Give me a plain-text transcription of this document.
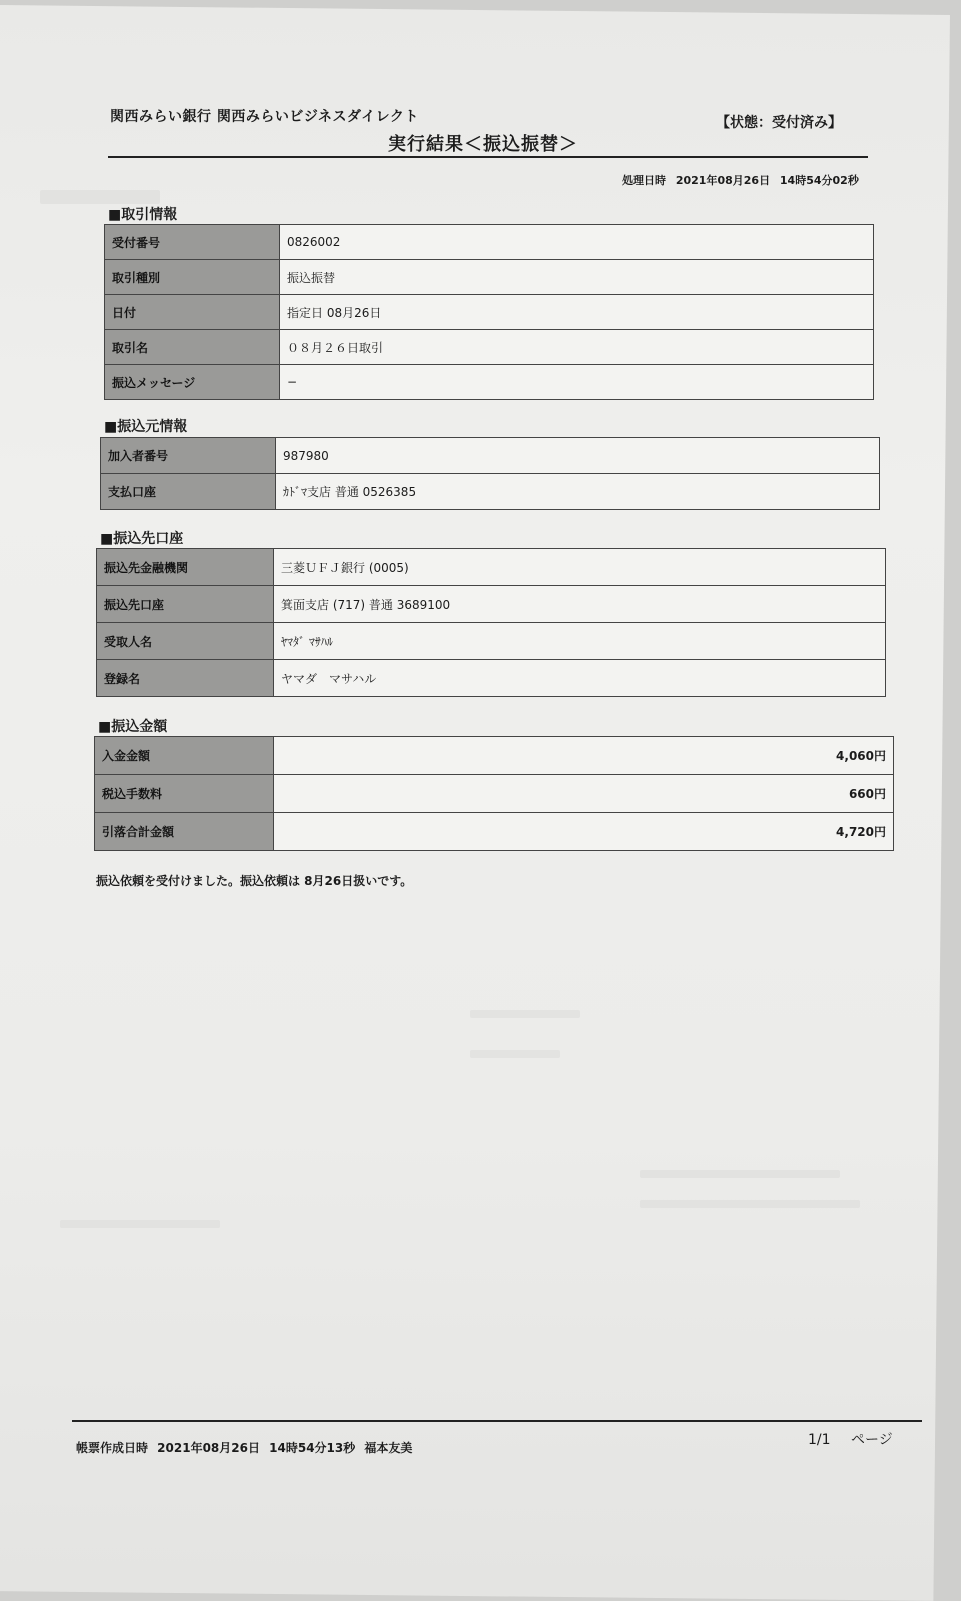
関西みらい銀行 関西みらいビジネスダイレクト	【状態：受付済み】
実行結果＜振込振替＞
処理日時 2021年08月26日 14時54分02秒
■取引情報
受付番号	0826002
取引種別	振込振替
日付	指定日 08月26日
取引名	０８月２６日取引
振込メッセージ	−
■振込元情報
加入者番号	987980
支払口座	ｶﾄﾞﾏ支店 普通 0526385
■振込先口座
振込先金融機関	三菱ＵＦＪ銀行 (0005)
振込先口座	箕面支店 (717) 普通 3689100
受取人名	ﾔﾏﾀﾞ ﾏｻﾊﾙ
登録名	ヤマダ　マサハル
■振込金額
入金金額	4,060円
税込手数料	660円
引落合計金額	4,720円
振込依頼を受付けました。振込依頼は 8月26日扱いです。
帳票作成日時 2021年08月26日 14時54分13秒 福本友美	1/1 ページ
